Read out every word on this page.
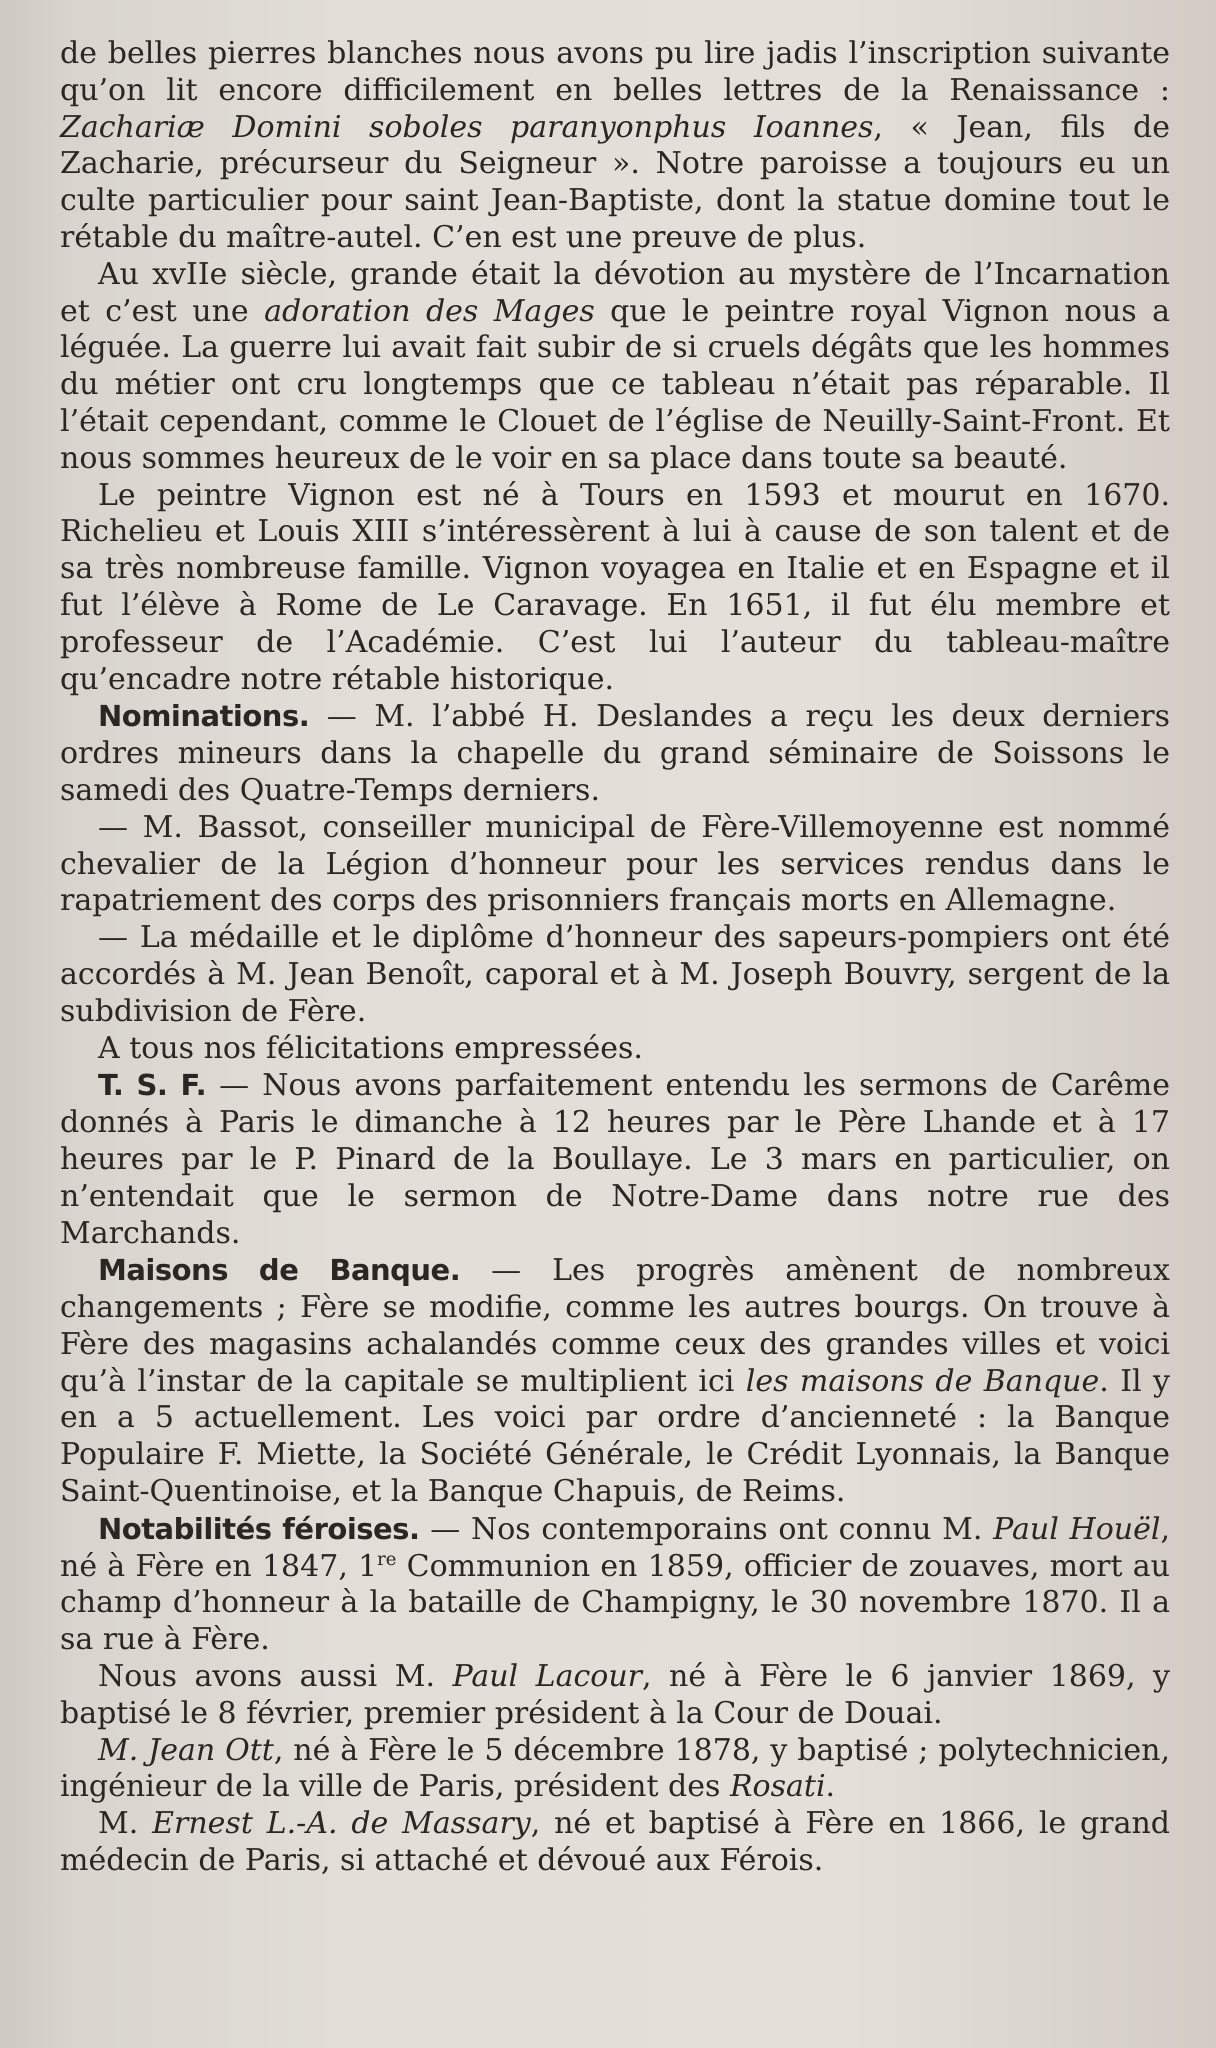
de belles pierres blanches nous avons pu lire jadis l’inscription suivante qu’on lit encore difficilement en belles lettres de la Renaissance : Zachariæ Domini soboles paranyonphus Ioannes, « Jean, fils de Zacharie, précurseur du Seigneur ». Notre paroisse a toujours eu un culte particulier pour saint Jean-Baptiste, dont la statue domine tout le rétable du maître-autel. C’en est une preuve de plus.

Au xvIIe siècle, grande était la dévotion au mystère de l’Incarnation et c’est une adoration des Mages que le peintre royal Vignon nous a léguée. La guerre lui avait fait subir de si cruels dégâts que les hommes du métier ont cru longtemps que ce tableau n’était pas réparable. Il l’était cependant, comme le Clouet de l’église de Neuilly-Saint-Front. Et nous sommes heureux de le voir en sa place dans toute sa beauté.

Le peintre Vignon est né à Tours en 1593 et mourut en 1670. Richelieu et Louis XIII s’intéressèrent à lui à cause de son talent et de sa très nombreuse famille. Vignon voyagea en Italie et en Espagne et il fut l’élève à Rome de Le Caravage. En 1651, il fut élu membre et professeur de l’Académie. C’est lui l’auteur du tableau-maître qu’encadre notre rétable historique.

Nominations. — M. l’abbé H. Deslandes a reçu les deux derniers ordres mineurs dans la chapelle du grand séminaire de Soissons le samedi des Quatre-Temps derniers.

— M. Bassot, conseiller municipal de Fère-Villemoyenne est nommé chevalier de la Légion d’honneur pour les services rendus dans le rapatriement des corps des prisonniers français morts en Allemagne.

— La médaille et le diplôme d’honneur des sapeurs-pompiers ont été accordés à M. Jean Benoît, caporal et à M. Joseph Bouvry, sergent de la subdivision de Fère.

A tous nos félicitations empressées.

T. S. F. — Nous avons parfaitement entendu les sermons de Carême donnés à Paris le dimanche à 12 heures par le Père Lhande et à 17 heures par le P. Pinard de la Boullaye. Le 3 mars en particulier, on n’entendait que le sermon de Notre-Dame dans notre rue des Marchands.

Maisons de Banque. — Les progrès amènent de nombreux changements ; Fère se modifie, comme les autres bourgs. On trouve à Fère des magasins achalandés comme ceux des grandes villes et voici qu’à l’instar de la capitale se multiplient ici les maisons de Banque. Il y en a 5 actuellement. Les voici par ordre d’ancienneté : la Banque Populaire F. Miette, la Société Générale, le Crédit Lyonnais, la Banque Saint-Quentinoise, et la Banque Chapuis, de Reims.

Notabilités féroises. — Nos contemporains ont connu M. Paul Houël, né à Fère en 1847, 1re Communion en 1859, officier de zouaves, mort au champ d’honneur à la bataille de Champigny, le 30 novembre 1870. Il a sa rue à Fère.

Nous avons aussi M. Paul Lacour, né à Fère le 6 janvier 1869, y baptisé le 8 février, premier président à la Cour de Douai.

M. Jean Ott, né à Fère le 5 décembre 1878, y baptisé ; polytechnicien, ingénieur de la ville de Paris, président des Rosati.

M. Ernest L.-A. de Massary, né et baptisé à Fère en 1866, le grand médecin de Paris, si attaché et dévoué aux Férois.
